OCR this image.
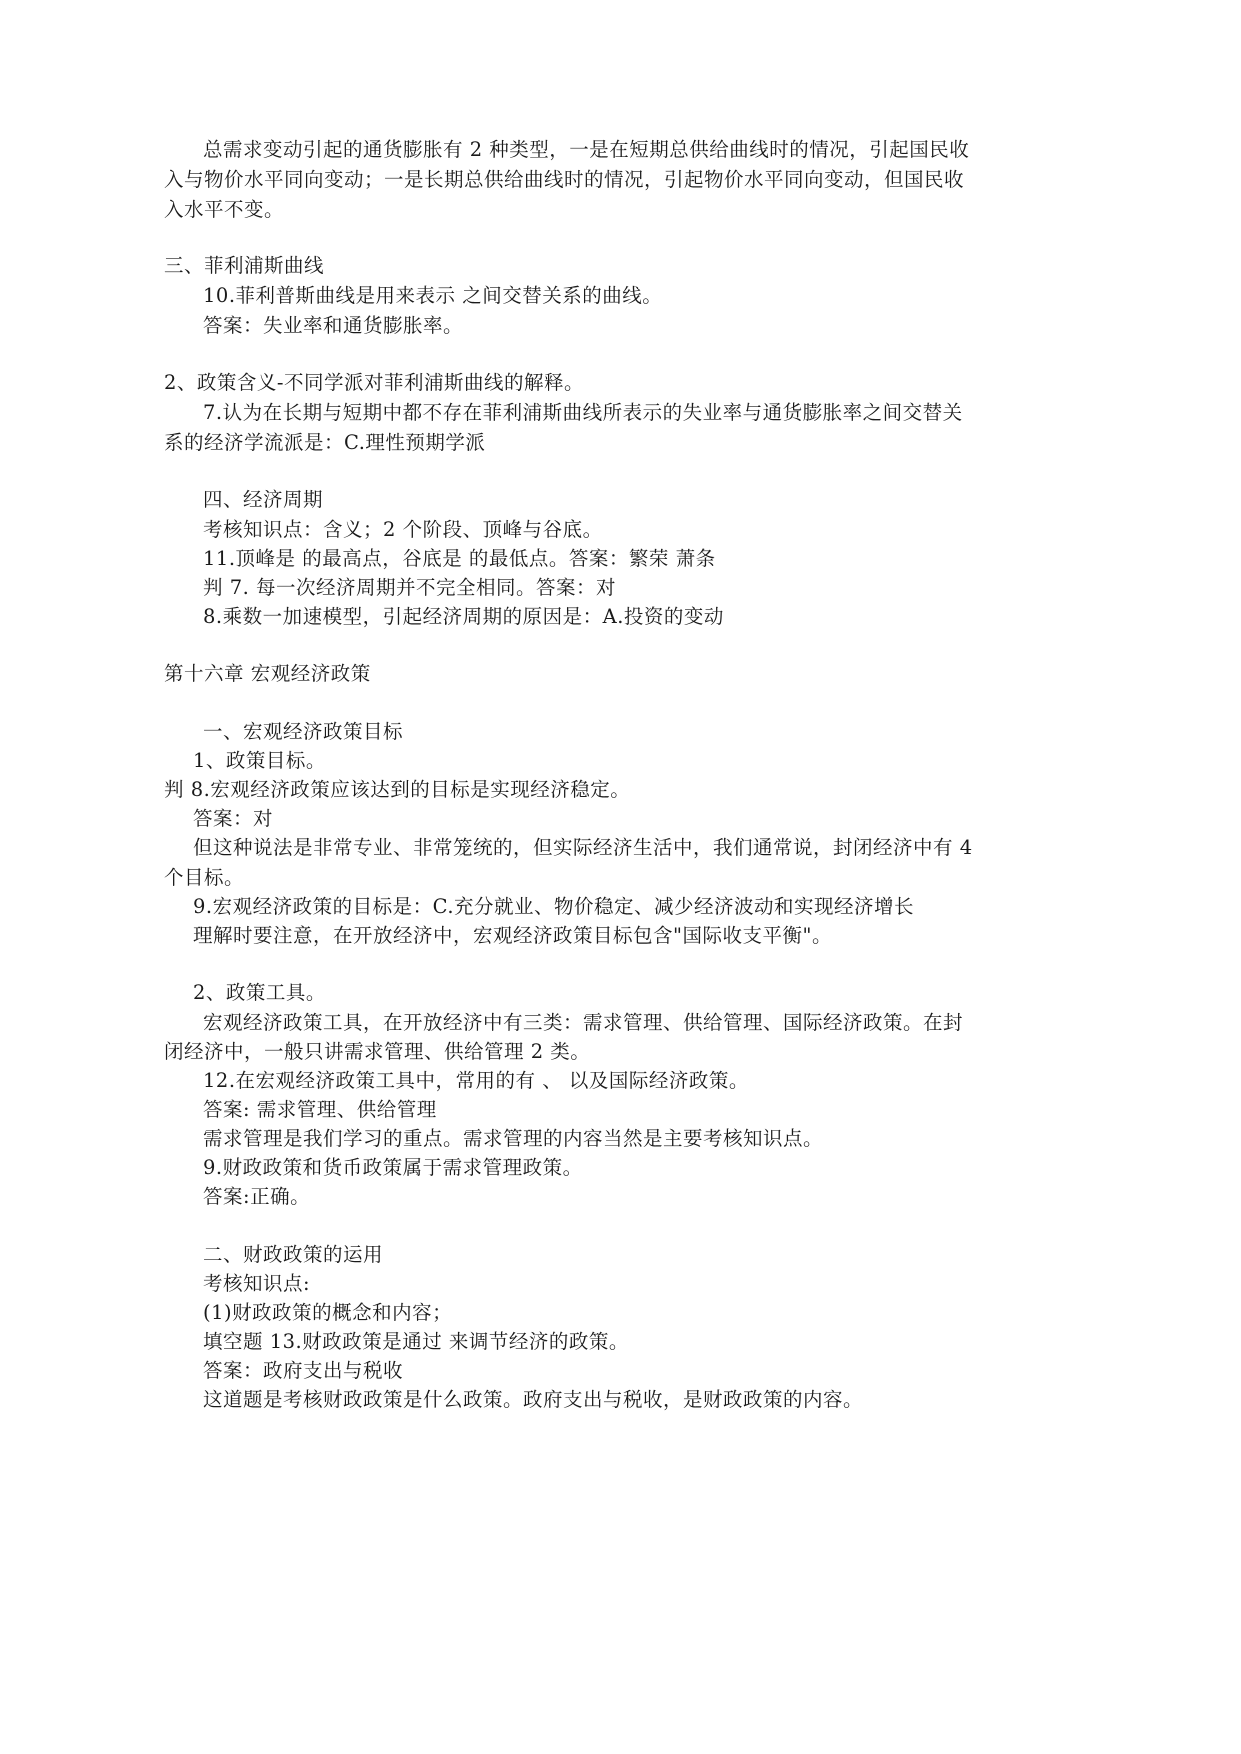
总需求变动引起的通货膨胀有 2 种类型，一是在短期总供给曲线时的情况，引起国民收
入与物价水平同向变动；一是长期总供给曲线时的情况，引起物价水平同向变动，但国民收
入水平不变。
三、菲利浦斯曲线
10.菲利普斯曲线是用来表示 之间交替关系的曲线。
答案：失业率和通货膨胀率。
2、政策含义-不同学派对菲利浦斯曲线的解释。
7.认为在长期与短期中都不存在菲利浦斯曲线所表示的失业率与通货膨胀率之间交替关
系的经济学流派是：C.理性预期学派
四、经济周期
考核知识点：含义；2 个阶段、顶峰与谷底。
11.顶峰是 的最高点，谷底是 的最低点。答案：繁荣 萧条
判 7. 每一次经济周期并不完全相同。答案：对
8.乘数一加速模型，引起经济周期的原因是：A.投资的变动
第十六章 宏观经济政策
一、宏观经济政策目标
1、政策目标。
判 8.宏观经济政策应该达到的目标是实现经济稳定。
答案：对
但这种说法是非常专业、非常笼统的，但实际经济生活中，我们通常说，封闭经济中有 4
个目标。
9.宏观经济政策的目标是：C.充分就业、物价稳定、减少经济波动和实现经济增长
理解时要注意，在开放经济中，宏观经济政策目标包含"国际收支平衡"。
2、政策工具。
宏观经济政策工具，在开放经济中有三类：需求管理、供给管理、国际经济政策。在封
闭经济中，一般只讲需求管理、供给管理 2 类。
12.在宏观经济政策工具中，常用的有 、 以及国际经济政策。
答案: 需求管理、供给管理
需求管理是我们学习的重点。需求管理的内容当然是主要考核知识点。
9.财政政策和货币政策属于需求管理政策。
答案:正确。
二、财政政策的运用
考核知识点:
(1)财政政策的概念和内容；
填空题 13.财政政策是通过 来调节经济的政策。
答案：政府支出与税收
这道题是考核财政政策是什么政策。政府支出与税收，是财政政策的内容。
